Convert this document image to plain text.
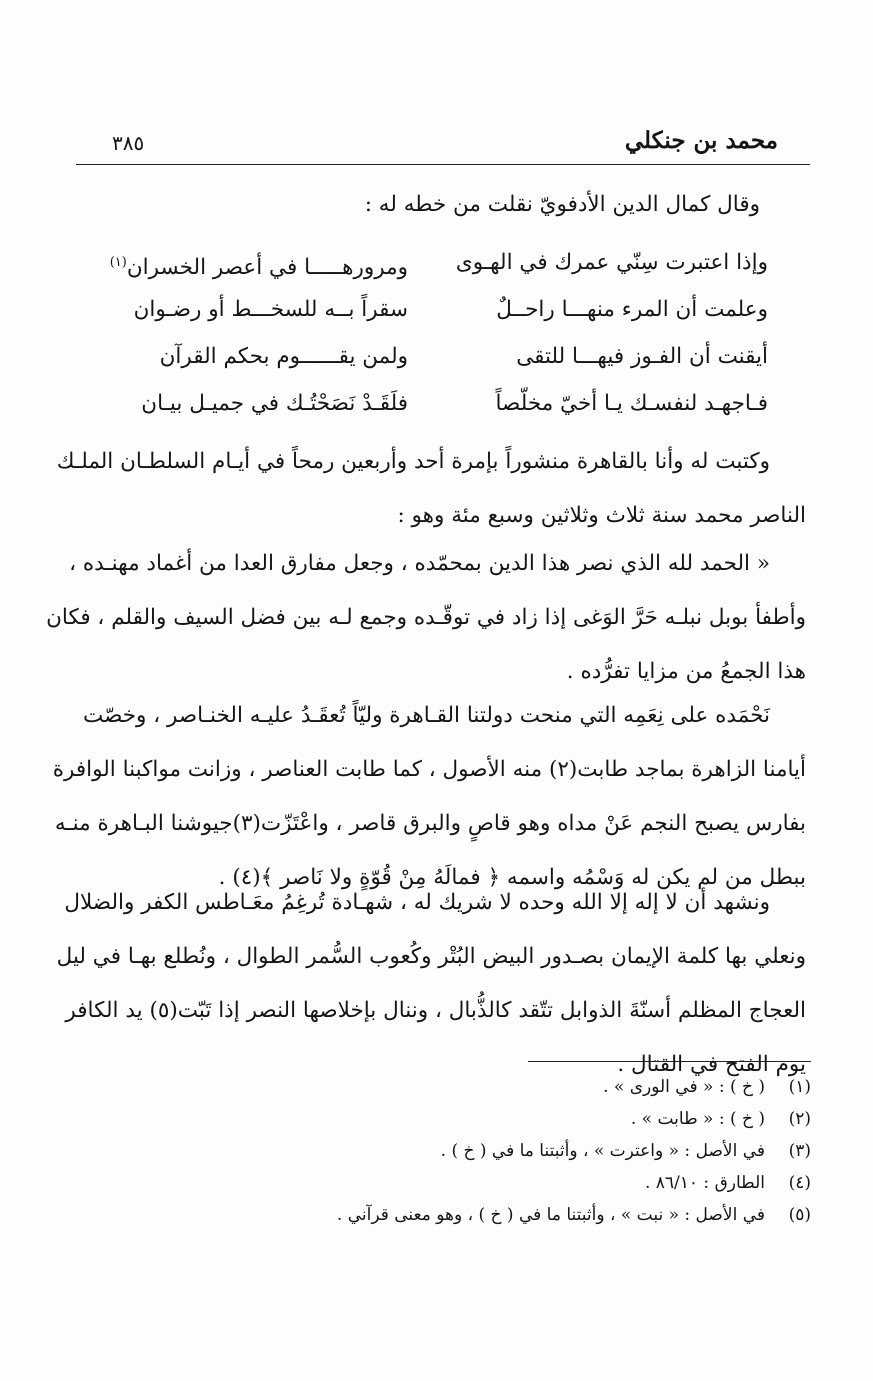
محمد بن جنكلي
٣٨٥
وقال كمال الدين الأدفويّ نقلت من خطه له :
وإذا اعتبرت سِنّي عمرك في الهـوى
ومرورهـــــا في أعصر الخسران$^{(١)}$
وعلمت أن المرء منهـــا راحــلٌ
سقراً بــه للسخـــط أو رضـوان
أيقنت أن الفـوز فيهـــا للتقى
ولمن يقــــــوم بحكم القرآن
فـاجهـد لنفسـك يـا أخيّ مخلّصاً
فلَقَـدْ نَصَحْتُـك في جميـل بيـان
وكتبت له وأنا بالقاهرة منشوراً بإمرة أحد وأربعين رمحاً في أيـام السلطـان الملـك
الناصر محمد سنة ثلاث وثلاثين وسبع مئة وهو :
« الحمد لله الذي نصر هذا الدين بمحمّده ، وجعل مفارق العدا من أغماد مهنـده ،
وأطفأ بوبل نبلـه حَرَّ الوَغى إذا زاد في توقّـده وجمع لـه بين فضل السيف والقلم ، فكان
هذا الجمعُ من مزايا تفرُّده .
نَحْمَده على نِعَمِه التي منحت دولتنا القـاهرة وليّاً تُعقَـدُ عليـه الخنـاصر ، وخصّت
أيامنا الزاهرة بماجد طابت(٢) منه الأصول ، كما طابت العناصر ، وزانت مواكبنا الوافرة
بفارس يصبح النجم عَنْ مداه وهو قاصٍ والبرق قاصر ، واعْتَزّت(٣)جيوشنا البـاهرة منـه
ببطل من لم يكن له وَسْمُه واسمه ﴿ فمالَهُ مِنْ قُوّةٍ ولا نَاصر ﴾(٤) .
ونشهد أن لا إله إلا الله وحده لا شريك له ، شهـادة تُرغِمُ معَـاطس الكفر والضلال
ونعلي بها كلمة الإيمان بصـدور البيض البُتْر وكُعوب السُّمر الطوال ، ونُطلع بهـا في ليل
العجاج المظلم أسنّةَ الذوابل تتّقد كالذُّبال ، وننال بإخلاصها النصر إذا تَبّت(٥) يد الكافر
يوم الفتح في القتال .
(١)( خ ) : « في الورى » .
(٢)( خ ) : « طابت » .
(٣)في الأصل : « واعترت » ، وأثبتنا ما في ( خ ) .
(٤)الطارق : ٨٦/١٠ .
(٥)في الأصل : « نبت » ، وأثبتنا ما في ( خ ) ، وهو معنى قرآني .
